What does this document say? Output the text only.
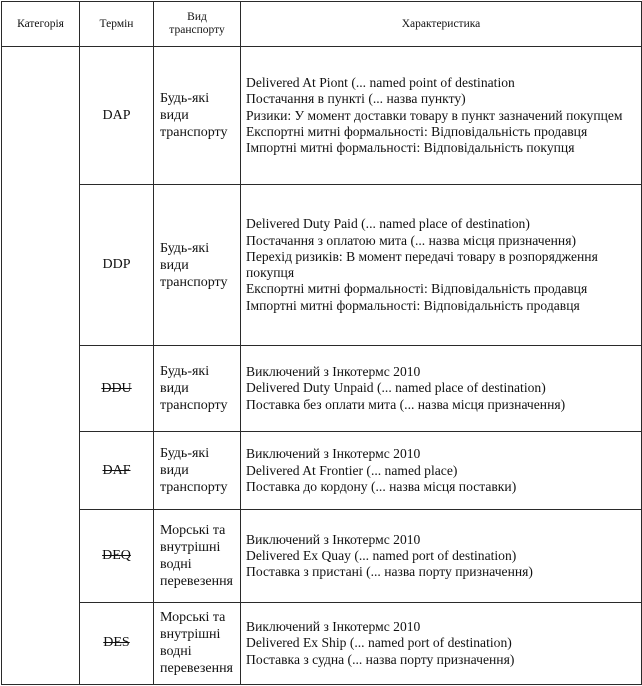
Категорія	Термін	Вид транспорту	Характеристика
	DAP	Будь-які види транспорту	Delivered At Piont (... named point of destination
Постачання в пункті (... назва пункту)
Ризики: У момент доставки товару в пункт зазначений покупцем
Експортні митні формальності: Відповідальність продавця
Імпортні митні формальності: Відповідальність покупця

	DDP	Будь-які види транспорту	Delivered Duty Paid (... named place of destination)
Постачання з оплатою мита (... назва місця призначення)
Перехід ризиків: В момент передачі товару в розпорядження покупця
Експортні митні формальності: Відповідальність продавця
Імпортні митні формальності: Відповідальність продавця

	DDU	Будь-які види транспорту	Виключений з Інкотермс 2010
Delivered Duty Unpaid (... named place of destination)
Поставка без оплати мита (... назва місця призначення)

	DAF	Будь-які види транспорту	Виключений з Інкотермс 2010
Delivered At Frontier (... named place)
Поставка до кордону (... назва місця поставки)

	DEQ	Морські та внутрішні водні перевезення	Виключений з Інкотермс 2010
Delivered Ex Quay (... named port of destination)
Поставка з пристані (... назва порту призначення)

	DES	Морські та внутрішні водні перевезення	Виключений з Інкотермс 2010
Delivered Ex Ship (... named port of destination)
Поставка з судна (... назва порту призначення)
